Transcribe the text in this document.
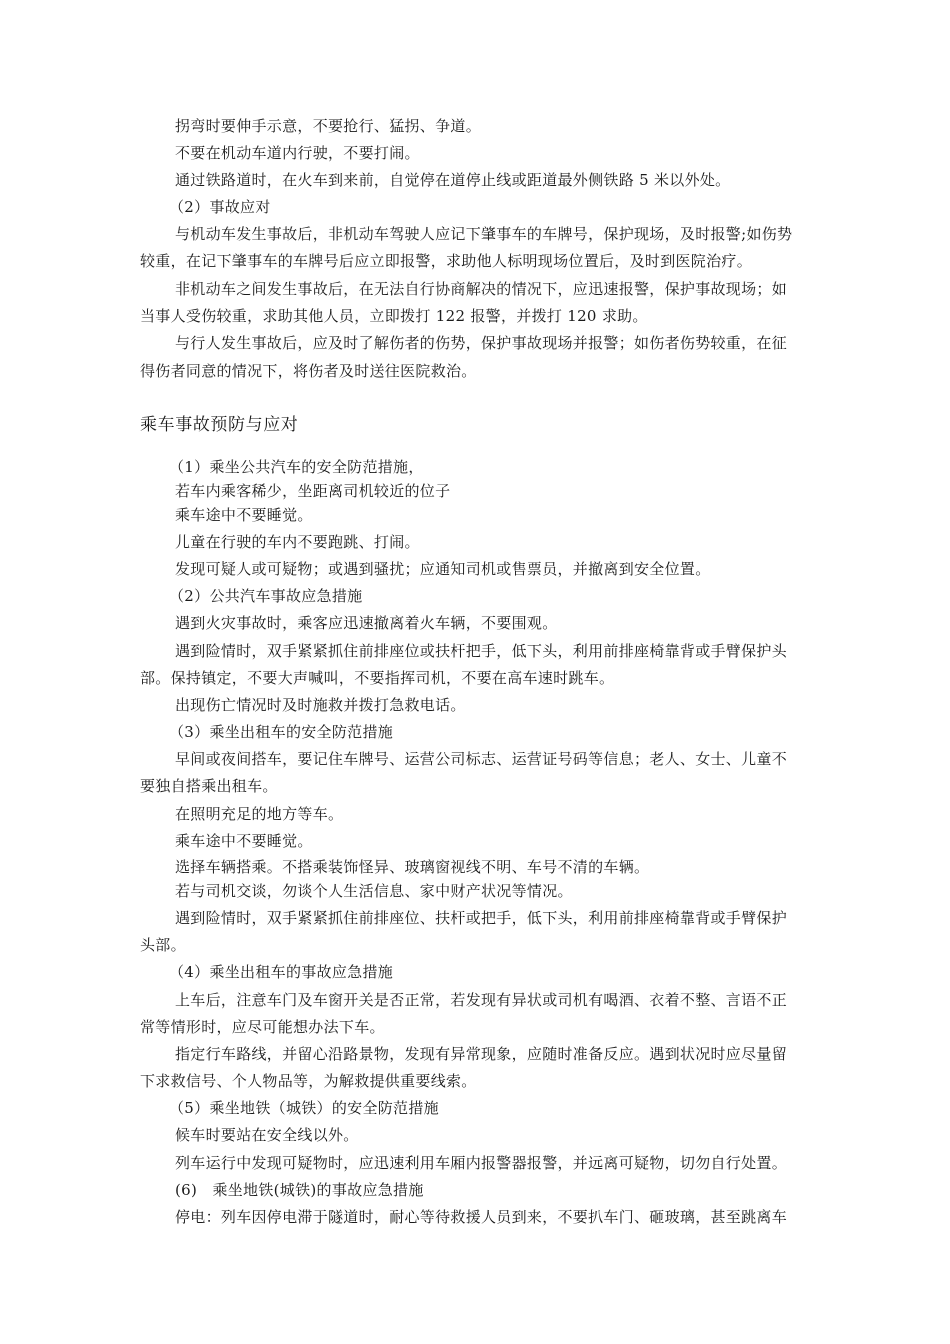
拐弯时要伸手示意，不要抢行、猛拐、争道。
不要在机动车道内行驶，不要打闹。
通过铁路道时，在火车到来前，自觉停在道停止线或距道最外侧铁路 5 米以外处。
（2）事故应对
与机动车发生事故后，非机动车驾驶人应记下肇事车的车牌号，保护现场，及时报警;如伤势
较重，在记下肇事车的车牌号后应立即报警，求助他人标明现场位置后，及时到医院治疗。
非机动车之间发生事故后，在无法自行协商解决的情况下，应迅速报警，保护事故现场；如
当事人受伤较重，求助其他人员，立即拨打 122 报警，并拨打 120 求助。
与行人发生事故后，应及时了解伤者的伤势，保护事故现场并报警；如伤者伤势较重，在征
得伤者同意的情况下，将伤者及时送往医院救治。
乘车事故预防与应对
（1）乘坐公共汽车的安全防范措施，
若车内乘客稀少，坐距离司机较近的位子
乘车途中不要睡觉。
儿童在行驶的车内不要跑跳、打闹。
发现可疑人或可疑物；或遇到骚扰；应通知司机或售票员，并撤离到安全位置。
（2）公共汽车事故应急措施
遇到火灾事故时，乘客应迅速撤离着火车辆，不要围观。
遇到险情时，双手紧紧抓住前排座位或扶杆把手，低下头，利用前排座椅靠背或手臂保护头
部。保持镇定，不要大声喊叫，不要指挥司机，不要在高车速时跳车。
出现伤亡情况时及时施救并拨打急救电话。
（3）乘坐出租车的安全防范措施
早间或夜间搭车，要记住车牌号、运营公司标志、运营证号码等信息；老人、女士、儿童不
要独自搭乘出租车。
在照明充足的地方等车。
乘车途中不要睡觉。
选择车辆搭乘。不搭乘装饰怪异、玻璃窗视线不明、车号不清的车辆。
若与司机交谈，勿谈个人生活信息、家中财产状况等情况。
遇到险情时，双手紧紧抓住前排座位、扶杆或把手，低下头，利用前排座椅靠背或手臂保护
头部。
（4）乘坐出租车的事故应急措施
上车后，注意车门及车窗开关是否正常，若发现有异状或司机有喝酒、衣着不整、言语不正
常等情形时，应尽可能想办法下车。
指定行车路线，并留心沿路景物，发现有异常现象，应随时准备反应。遇到状况时应尽量留
下求救信号、个人物品等，为解救提供重要线索。
（5）乘坐地铁（城铁）的安全防范措施
候车时要站在安全线以外。
列车运行中发现可疑物时，应迅速利用车厢内报警器报警，并远离可疑物，切勿自行处置。
(6)　乘坐地铁(城铁)的事故应急措施
停电：列车因停电滞于隧道时，耐心等待救援人员到来，不要扒车门、砸玻璃，甚至跳离车
